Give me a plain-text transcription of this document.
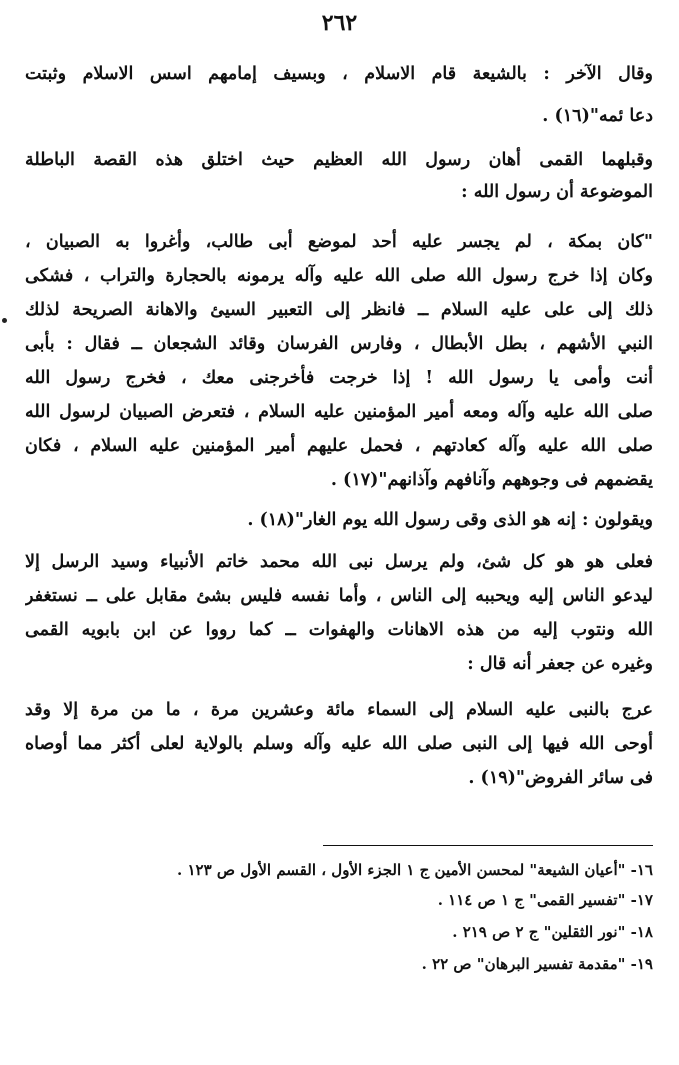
٢٦٢
وقال الآخر : بالشيعة قام الاسلام ، وبسيف إمامهم اسس الاسلام وثبتت
دعا ئمه"(١٦) .
وقبلهما القمى أهان رسول الله العظيم حيث اختلق هذه القصة الباطلة
الموضوعة أن رسول الله :
"كان بمكة ، لم يجسر عليه أحد لموضع أبى طالب، وأغروا به الصبيان ،
وكان إذا خرج رسول الله صلى الله عليه وآله يرمونه بالحجارة والتراب ، فشكى
ذلك إلى على عليه السلام ــ فانظر إلى التعبير السيئ والاهانة الصريحة لذلك
النبي الأشهم ، بطل الأبطال ، وفارس الفرسان وقائد الشجعان ــ فقال : بأبى
أنت وأمى يا رسول الله ! إذا خرجت فأخرجنى معك ، فخرج رسول الله
صلى الله عليه وآله ومعه أمير المؤمنين عليه السلام ، فتعرض الصبيان لرسول الله
صلى الله عليه وآله كعادتهم ، فحمل عليهم أمير المؤمنين عليه السلام ، فكان
يقضمهم فى وجوههم وآنافهم وآذانهم"(١٧) .
ويقولون : إنه هو الذى وقى رسول الله يوم الغار"(١٨) .
فعلى هو هو كل شئ، ولم يرسل نبى الله محمد خاتم الأنبياء وسيد الرسل إلا
ليدعو الناس إليه ويحببه إلى الناس ، وأما نفسه فليس بشئ مقابل على ــ نستغفر
الله ونتوب إليه من هذه الاهانات والهفوات ــ كما رووا عن ابن بابويه القمى
وغيره عن جعفر أنه قال :
عرج بالنبى عليه السلام إلى السماء مائة وعشرين مرة ، ما من مرة إلا وقد
أوحى الله فيها إلى النبى صلى الله عليه وآله وسلم بالولاية لعلى أكثر مما أوصاه
فى سائر الفروض"(١٩) .
١٦- "أعيان الشيعة" لمحسن الأمين ج ١ الجزء الأول ، القسم الأول ص ١٢٣ .
١٧- "تفسير القمى" ج ١ ص ١١٤ .
١٨- "نور الثقلين" ج ٢ ص ٢١٩ .
١٩- "مقدمة تفسير البرهان" ص ٢٢ .
